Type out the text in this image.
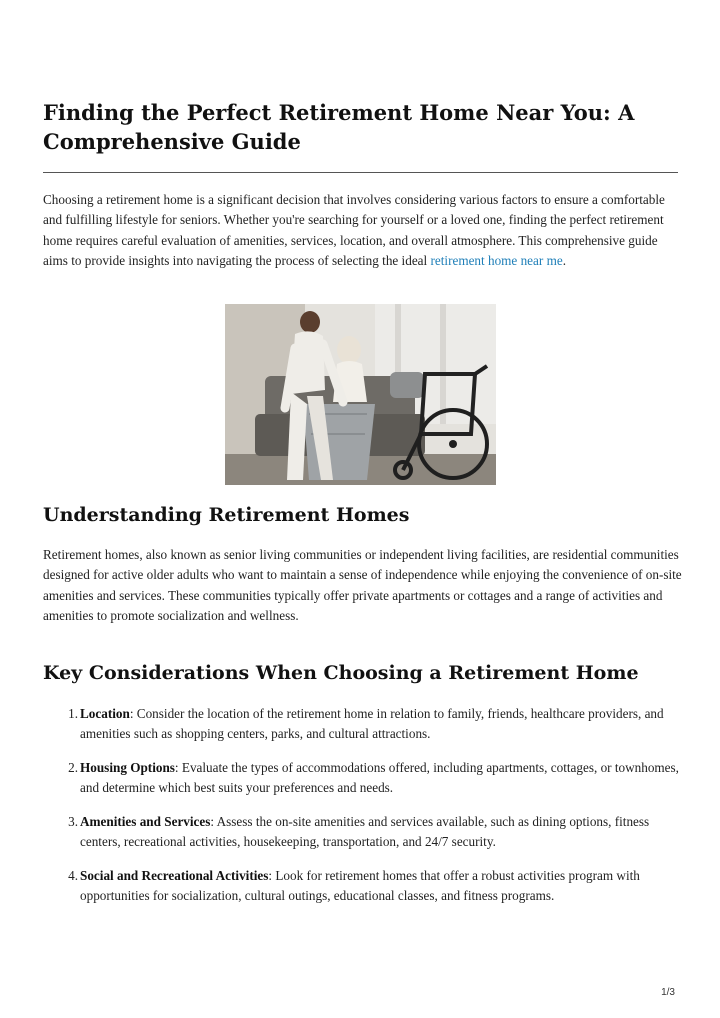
Finding the Perfect Retirement Home Near You: A Comprehensive Guide

Choosing a retirement home is a significant decision that involves considering various factors to ensure a comfortable and fulfilling lifestyle for seniors. Whether you're searching for yourself or a loved one, finding the perfect retirement home requires careful evaluation of amenities, services, location, and overall atmosphere. This comprehensive guide aims to provide insights into navigating the process of selecting the ideal retirement home near me.

Understanding Retirement Homes

Retirement homes, also known as senior living communities or independent living facilities, are residential communities designed for active older adults who want to maintain a sense of independence while enjoying the convenience of on-site amenities and services. These communities typically offer private apartments or cottages and a range of activities and amenities to promote socialization and wellness.

Key Considerations When Choosing a Retirement Home
1. Location: Consider the location of the retirement home in relation to family, friends, healthcare providers, and amenities such as shopping centers, parks, and cultural attractions.
2. Housing Options: Evaluate the types of accommodations offered, including apartments, cottages, or townhomes, and determine which best suits your preferences and needs.
3. Amenities and Services: Assess the on-site amenities and services available, such as dining options, fitness centers, recreational activities, housekeeping, transportation, and 24/7 security.
4. Social and Recreational Activities: Look for retirement homes that offer a robust activities program with opportunities for socialization, cultural outings, educational classes, and fitness programs.
1/3
